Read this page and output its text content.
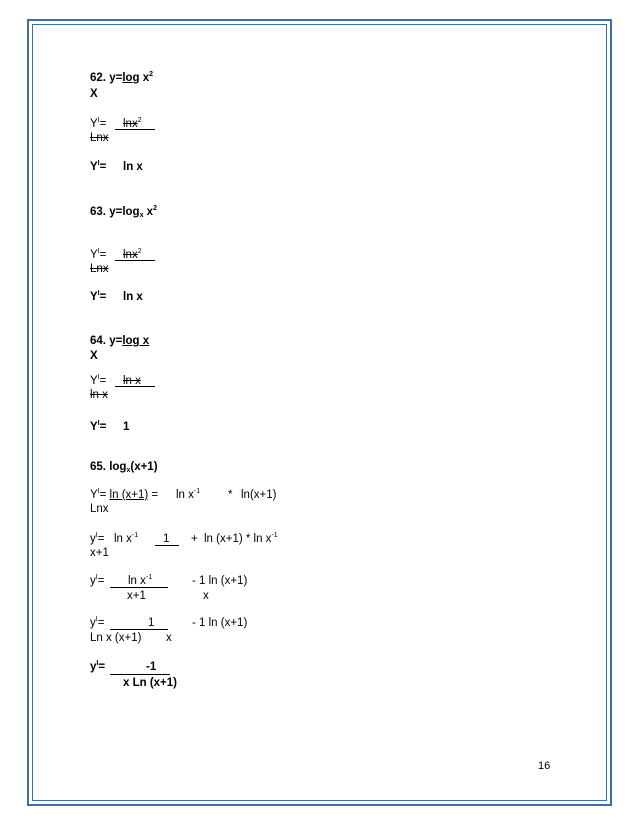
62. y=log $x^2$
X
$Y^I= \ln x^2$
Lnx
$Y^I= \ln x$
63. $y=\log_x$ $x^2$
$Y^I= \ln x^2$
Lnx
$Y^I= \ln x$
64. y=log x
X
$Y^I= \ln x$
ln x
$Y^I= 1$
65. $\log_x(x+1)$
$Y^I= \ln (x+1) = \ln x^{-1} * \ln(x+1)$
Lnx
$y^I= \ln x^{-1}$ $1 + \ln (x+1) * \ln x^{-1}$
x+1
$y^I= \ln x^{-1}$
x+1
- 1 ln (x+1)
x
$y^I=$	1
Ln x (x+1) x
- 1 ln (x+1)
$y^I=$	-1
x Ln (x+1)
16
